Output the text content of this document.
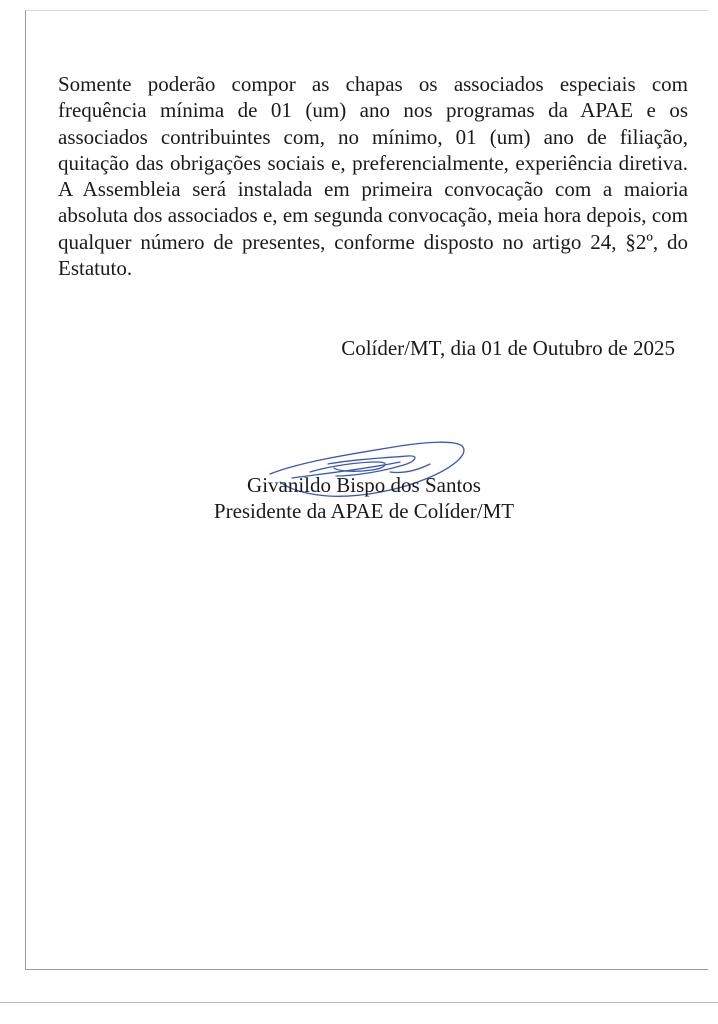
Somente poderão compor as chapas os associados especiais com frequência mínima de 01 (um) ano nos programas da APAE e os associados contribuintes com, no mínimo, 01 (um) ano de filiação, quitação das obrigações sociais e, preferencialmente, experiência diretiva. A Assembleia será instalada em primeira convocação com a maioria absoluta dos associados e, em segunda convocação, meia hora depois, com qualquer número de presentes, conforme disposto no artigo 24, §2º, do Estatuto.

Colíder/MT, dia 01 de Outubro de 2025
Givanildo Bispo dos Santos
Presidente da APAE de Colíder/MT
